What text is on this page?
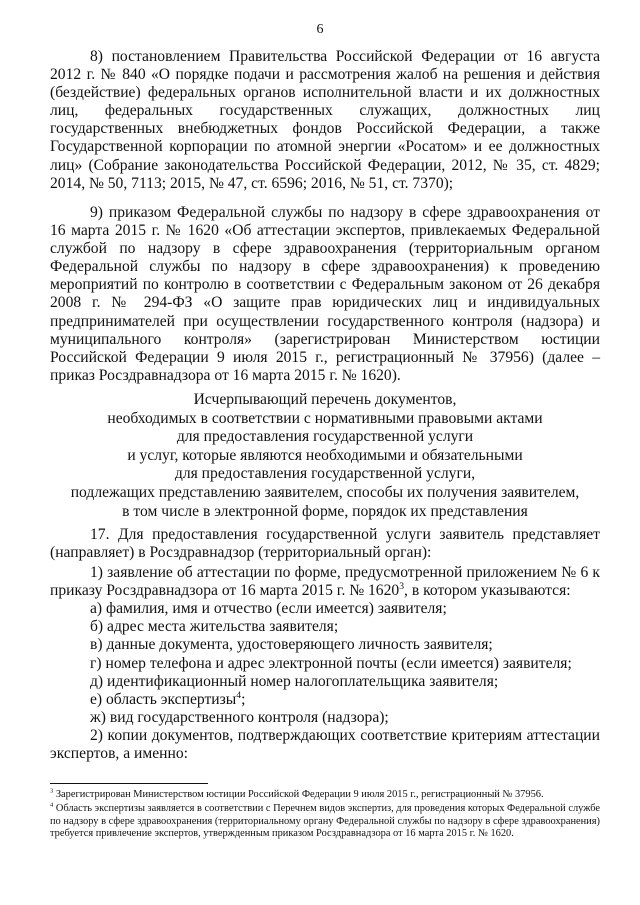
6

8) постановлением Правительства Российской Федерации от 16 августа 2012 г. № 840 «О порядке подачи и рассмотрения жалоб на решения и действия (бездействие) федеральных органов исполнительной власти и их должностных лиц, федеральных государственных служащих, должностных лиц государственных внебюджетных фондов Российской Федерации, а также Государственной корпорации по атомной энергии «Росатом» и ее должностных лиц» (Собрание законодательства Российской Федерации, 2012, № 35, ст. 4829; 2014, № 50, 7113; 2015, № 47, ст. 6596; 2016, № 51, ст. 7370);

9) приказом Федеральной службы по надзору в сфере здравоохранения от 16 марта 2015 г. № 1620 «Об аттестации экспертов, привлекаемых Федеральной службой по надзору в сфере здравоохранения (территориальным органом Федеральной службы по надзору в сфере здравоохранения) к проведению мероприятий по контролю в соответствии с Федеральным законом от 26 декабря 2008 г. № 294-ФЗ «О защите прав юридических лиц и индивидуальных предпринимателей при осуществлении государственного контроля (надзора) и муниципального контроля» (зарегистрирован Министерством юстиции Российской Федерации 9 июля 2015 г., регистрационный № 37956) (далее – приказ Росздравнадзора от 16 марта 2015 г. № 1620).

Исчерпывающий перечень документов,
необходимых в соответствии с нормативными правовыми актами
для предоставления государственной услуги
и услуг, которые являются необходимыми и обязательными
для предоставления государственной услуги,
подлежащих представлению заявителем, способы их получения заявителем,
в том числе в электронной форме, порядок их представления

17. Для предоставления государственной услуги заявитель представляет (направляет) в Росздравнадзор (территориальный орган):

1) заявление об аттестации по форме, предусмотренной приложением № 6 к приказу Росздравнадзора от 16 марта 2015 г. № 1620$^3$, в котором указываются:

а) фамилия, имя и отчество (если имеется) заявителя;

б) адрес места жительства заявителя;

в) данные документа, удостоверяющего личность заявителя;

г) номер телефона и адрес электронной почты (если имеется) заявителя;

д) идентификационный номер налогоплательщика заявителя;

е) область экспертизы$^4$;

ж) вид государственного контроля (надзора);

2) копии документов, подтверждающих соответствие критериям аттестации экспертов, а именно:

$^3$ Зарегистрирован Министерством юстиции Российской Федерации 9 июля 2015 г., регистрационный № 37956.

$^4$ Область экспертизы заявляется в соответствии с Перечнем видов экспертиз, для проведения которых Федеральной службе по надзору в сфере здравоохранения (территориальному органу Федеральной службы по надзору в сфере здравоохранения) требуется привлечение экспертов, утвержденным приказом Росздравнадзора от 16 марта 2015 г. № 1620.
